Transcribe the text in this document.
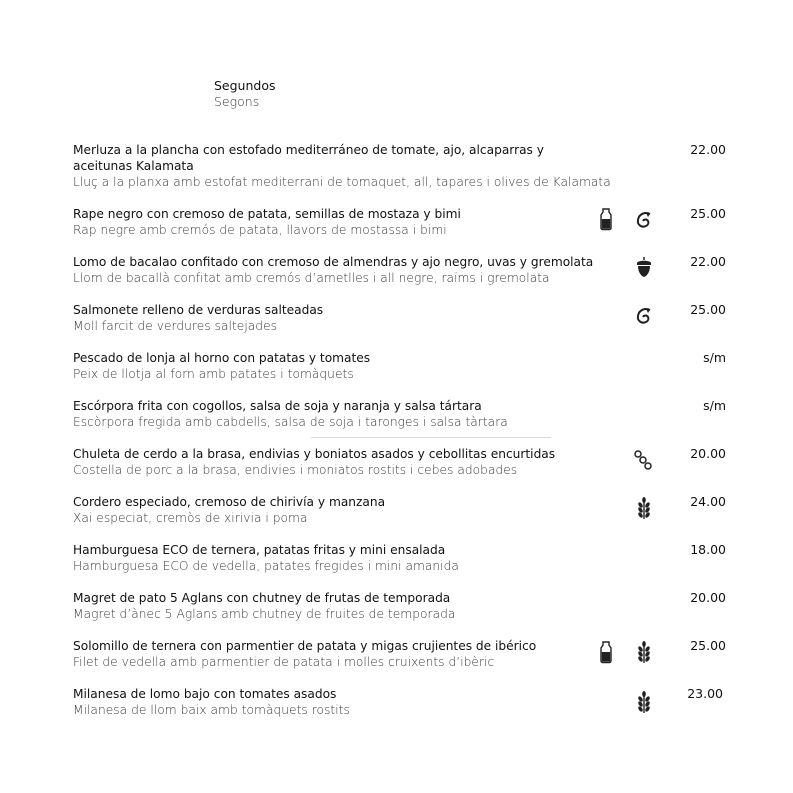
Segundos
Segons
Merluza a la plancha con estofado mediterráneo de tomate, ajo, alcaparras y aceitunas Kalamata
Lluç a la planxa amb estofat mediterrani de tomaquet, all, tapares i olives de Kalamata
22.00
Rape negro con cremoso de patata, semillas de mostaza y bimi
Rap negre amb cremós de patata, llavors de mostassa i bimi
25.00
Lomo de bacalao confitado con cremoso de almendras y ajo negro, uvas y gremolata
Llom de bacallà confitat amb cremós d’ametlles i all negre, raïms i gremolata
22.00
Salmonete relleno de verduras salteadas
Moll farcit de verdures saltejades
25.00
Pescado de lonja al horno con patatas y tomates
Peix de llotja al forn amb patates i tomàquets
s/m
Escórpora frita con cogollos, salsa de soja y naranja y salsa tártara
Escòrpora fregida amb cabdells, salsa de soja i taronges i salsa tàrtara
s/m
Chuleta de cerdo a la brasa, endivias y boniatos asados y cebollitas encurtidas
Costella de porc a la brasa, endivies i moniatos rostits i cebes adobades
20.00
Cordero especiado, cremoso de chirivía y manzana
Xai especiat, cremòs de xirivia i poma
24.00
Hamburguesa ECO de ternera, patatas fritas y mini ensalada
Hamburguesa ECO de vedella, patates fregides i mini amanida
18.00
Magret de pato 5 Aglans con chutney de frutas de temporada
Magret d’ànec 5 Aglans amb chutney de fruites de temporada
20.00
Solomillo de ternera con parmentier de patata y migas crujientes de ibérico
Filet de vedella amb parmentier de patata i molles cruixents d’ibèric
25.00
Milanesa de lomo bajo con tomates asados
Milanesa de llom baix amb tomàquets rostits
23.00
